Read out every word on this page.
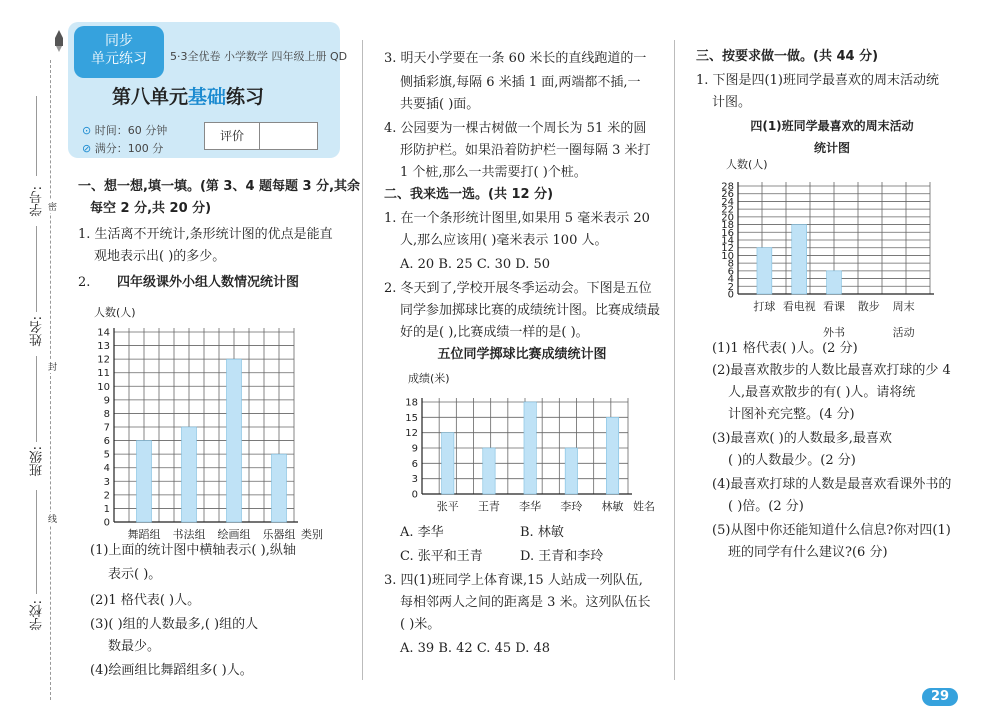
学号:
姓名:
班级:
学校:
密
封
线
同步
单元练习	5·3全优卷 小学数学 四年级上册 QD
第八单元基础练习
⊙ 时间：60 分钟
⊘ 满分：100 分
评价
一、想一想,填一填。(第 3、4 题每题 3 分,其余
每空 2 分,共 20 分)
1. 生活离不开统计,条形统计图的优点是能直
观地表示出( )的多少。
2. 四年级课外小组人数情况统计图
人数(人)
0
1
2
3
4
5
6
7
8
9
10
11
12
13
14
舞蹈组 书法组 绘画组 乐器组 类别
(1)上面的统计图中横轴表示( ),纵轴
表示( )。
(2)1 格代表( )人。
(3)( )组的人数最多,( )组的人
数最少。
(4)绘画组比舞蹈组多( )人。
3. 明天小学要在一条 60 米长的直线跑道的一
侧插彩旗,每隔 6 米插 1 面,两端都不插,一
共要插( )面。
4. 公园要为一棵古树做一个周长为 51 米的圆
形防护栏。如果沿着防护栏一圈每隔 3 米打
1 个桩,那么一共需要打( )个桩。
二、我来选一选。(共 12 分)
1. 在一个条形统计图里,如果用 5 毫米表示 20
人,那么应该用( )毫米表示 100 人。
A. 20 B. 25 C. 30 D. 50
2. 冬天到了,学校开展冬季运动会。下图是五位
同学参加掷球比赛的成绩统计图。比赛成绩最
好的是( ),比赛成绩一样的是( )。
五位同学掷球比赛成绩统计图
成绩(米)
0
3
6
9
12
15
18
张平 王青 李华 李玲 林敏 姓名
A. 李华	B. 林敏
C. 张平和王青	D. 王青和李玲
3. 四(1)班同学上体育课,15 人站成一列队伍,
每相邻两人之间的距离是 3 米。这列队伍长
( )米。
A. 39 B. 42 C. 45 D. 48
三、按要求做一做。(共 44 分)
1. 下图是四(1)班同学最喜欢的周末活动统
计图。
四(1)班同学最喜欢的周末活动
统计图
人数(人)
0
2
4
6
8
10
12
14
16
18
20
22
24
26
28
打球 看电视 看课
外书
散步 周末
活动
(1)1 格代表( )人。(2 分)
(2)最喜欢散步的人数比最喜欢打球的少 4
人,最喜欢散步的有( )人。请将统
计图补充完整。(4 分)
(3)最喜欢( )的人数最多,最喜欢
( )的人数最少。(2 分)
(4)最喜欢打球的人数是最喜欢看课外书的
( )倍。(2 分)
(5)从图中你还能知道什么信息?你对四(1)
班的同学有什么建议?(6 分)
29
